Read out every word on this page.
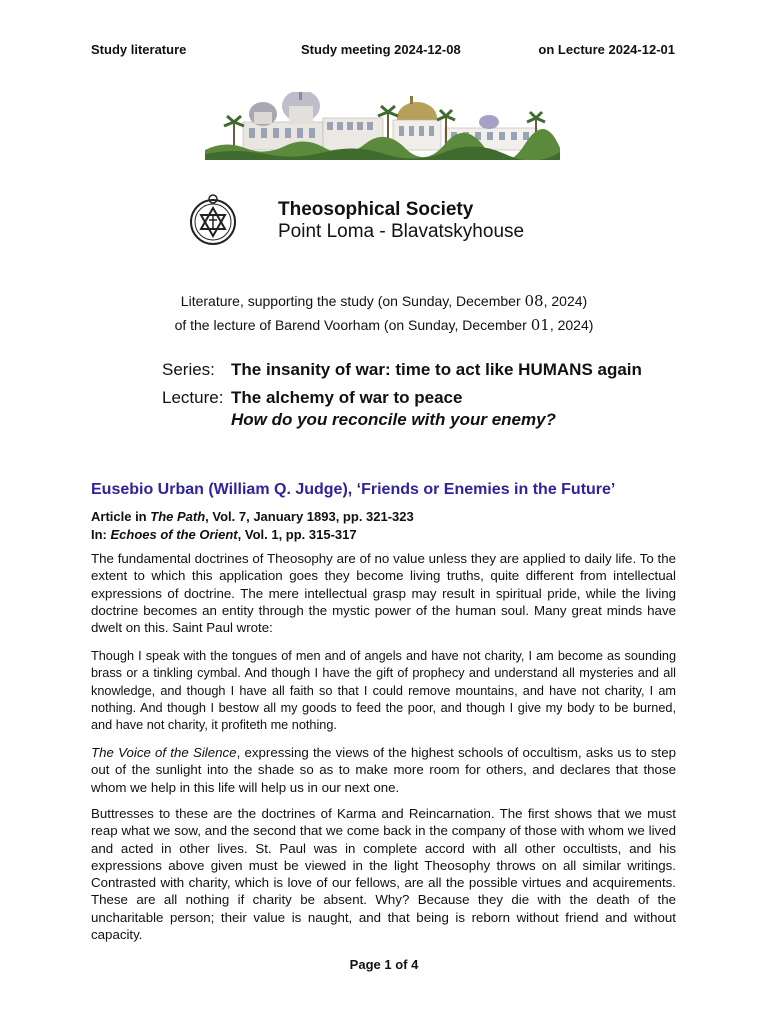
Study literature	Study meeting 2024-12-08	on Lecture 2024-12-01
Theosophical Society
Point Loma - Blavatskyhouse
Literature, supporting the study (on Sunday, December 08, 2024)
of the lecture of Barend Voorham (on Sunday, December 01, 2024)
Series: The insanity of war: time to act like HUMANS again
Lecture: The alchemy of war to peace
How do you reconcile with your enemy?
Eusebio Urban (William Q. Judge), ‘Friends or Enemies in the Future’
Article in The Path, Vol. 7, January 1893, pp. 321-323
In: Echoes of the Orient, Vol. 1, pp. 315-317

The fundamental doctrines of Theosophy are of no value unless they are applied to daily life. To the extent to which this application goes they become living truths, quite different from intellectual expressions of doctrine. The mere intellectual grasp may result in spiritual pride, while the living doctrine becomes an entity through the mystic power of the human soul. Many great minds have dwelt on this. Saint Paul wrote:

Though I speak with the tongues of men and of angels and have not charity, I am become as sounding brass or a tinkling cymbal. And though I have the gift of prophecy and understand all mysteries and all knowledge, and though I have all faith so that I could remove mountains, and have not charity, I am nothing. And though I bestow all my goods to feed the poor, and though I give my body to be burned, and have not charity, it profiteth me nothing.

The Voice of the Silence, expressing the views of the highest schools of occultism, asks us to step out of the sunlight into the shade so as to make more room for others, and declares that those whom we help in this life will help us in our next one.

Buttresses to these are the doctrines of Karma and Reincarnation. The first shows that we must reap what we sow, and the second that we come back in the company of those with whom we lived and acted in other lives. St. Paul was in complete accord with all other occultists, and his expressions above given must be viewed in the light Theosophy throws on all similar writings. Contrasted with charity, which is love of our fellows, are all the possible virtues and acquirements. These are all nothing if charity be absent. Why? Because they die with the death of the uncharitable person; their value is naught, and that being is reborn without friend and without capacity.

Page 1 of 4
